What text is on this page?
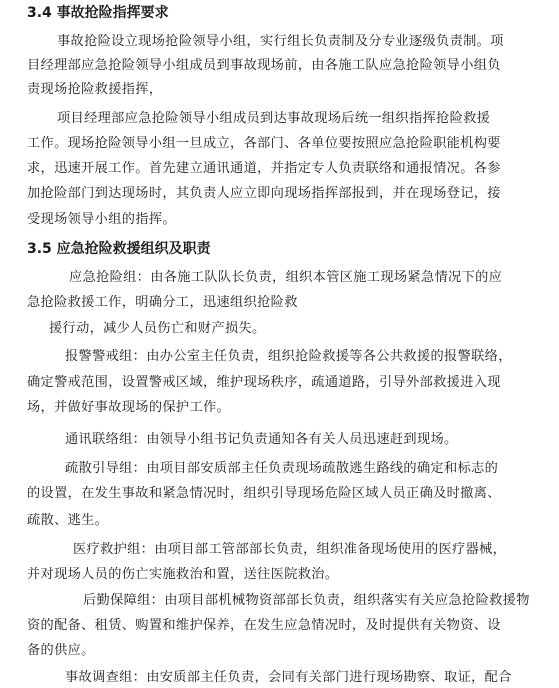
3.4 事故抢险指挥要求
事故抢险设立现场抢险领导小组，实行组长负责制及分专业逐级负责制。项
目经理部应急抢险领导小组成员到事故现场前，由各施工队应急抢险领导小组负
责现场抢险救援指挥，
项目经理部应急抢险领导小组成员到达事故现场后统一组织指挥抢险救援
工作。现场抢险领导小组一旦成立，各部门、各单位要按照应急抢险职能机构要
求，迅速开展工作。首先建立通讯通道，并指定专人负责联络和通报情况。各参
加抢险部门到达现场时，其负责人应立即向现场指挥部报到，并在现场登记，接
受现场领导小组的指挥。
3.5 应急抢险救援组织及职责
应急抢险组：由各施工队队长负责，组织本管区施工现场紧急情况下的应
急抢险救援工作，明确分工，迅速组织抢险救
援行动，减少人员伤亡和财产损失。
报警警戒组：由办公室主任负责，组织抢险救援等各公共救援的报警联络，
确定警戒范围，设置警戒区域，维护现场秩序，疏通道路，引导外部救援进入现
场，并做好事故现场的保护工作。
通讯联络组：由领导小组书记负责通知各有关人员迅速赶到现场。
疏散引导组：由项目部安质部主任负责现场疏散逃生路线的确定和标志的
的设置，在发生事故和紧急情况时，组织引导现场危险区域人员正确及时撤离、
疏散、逃生。
医疗救护组：由项目部工管部部长负责，组织准备现场使用的医疗器械，
并对现场人员的伤亡实施救治和置，送往医院救治。
后勤保障组：由项目部机械物资部部长负责，组织落实有关应急抢险救援物
资的配备、租赁、购置和维护保养，在发生应急情况时，及时提供有关物资、设
备的供应。
事故调查组：由安质部主任负责，会同有关部门进行现场勘察、取证，配合
